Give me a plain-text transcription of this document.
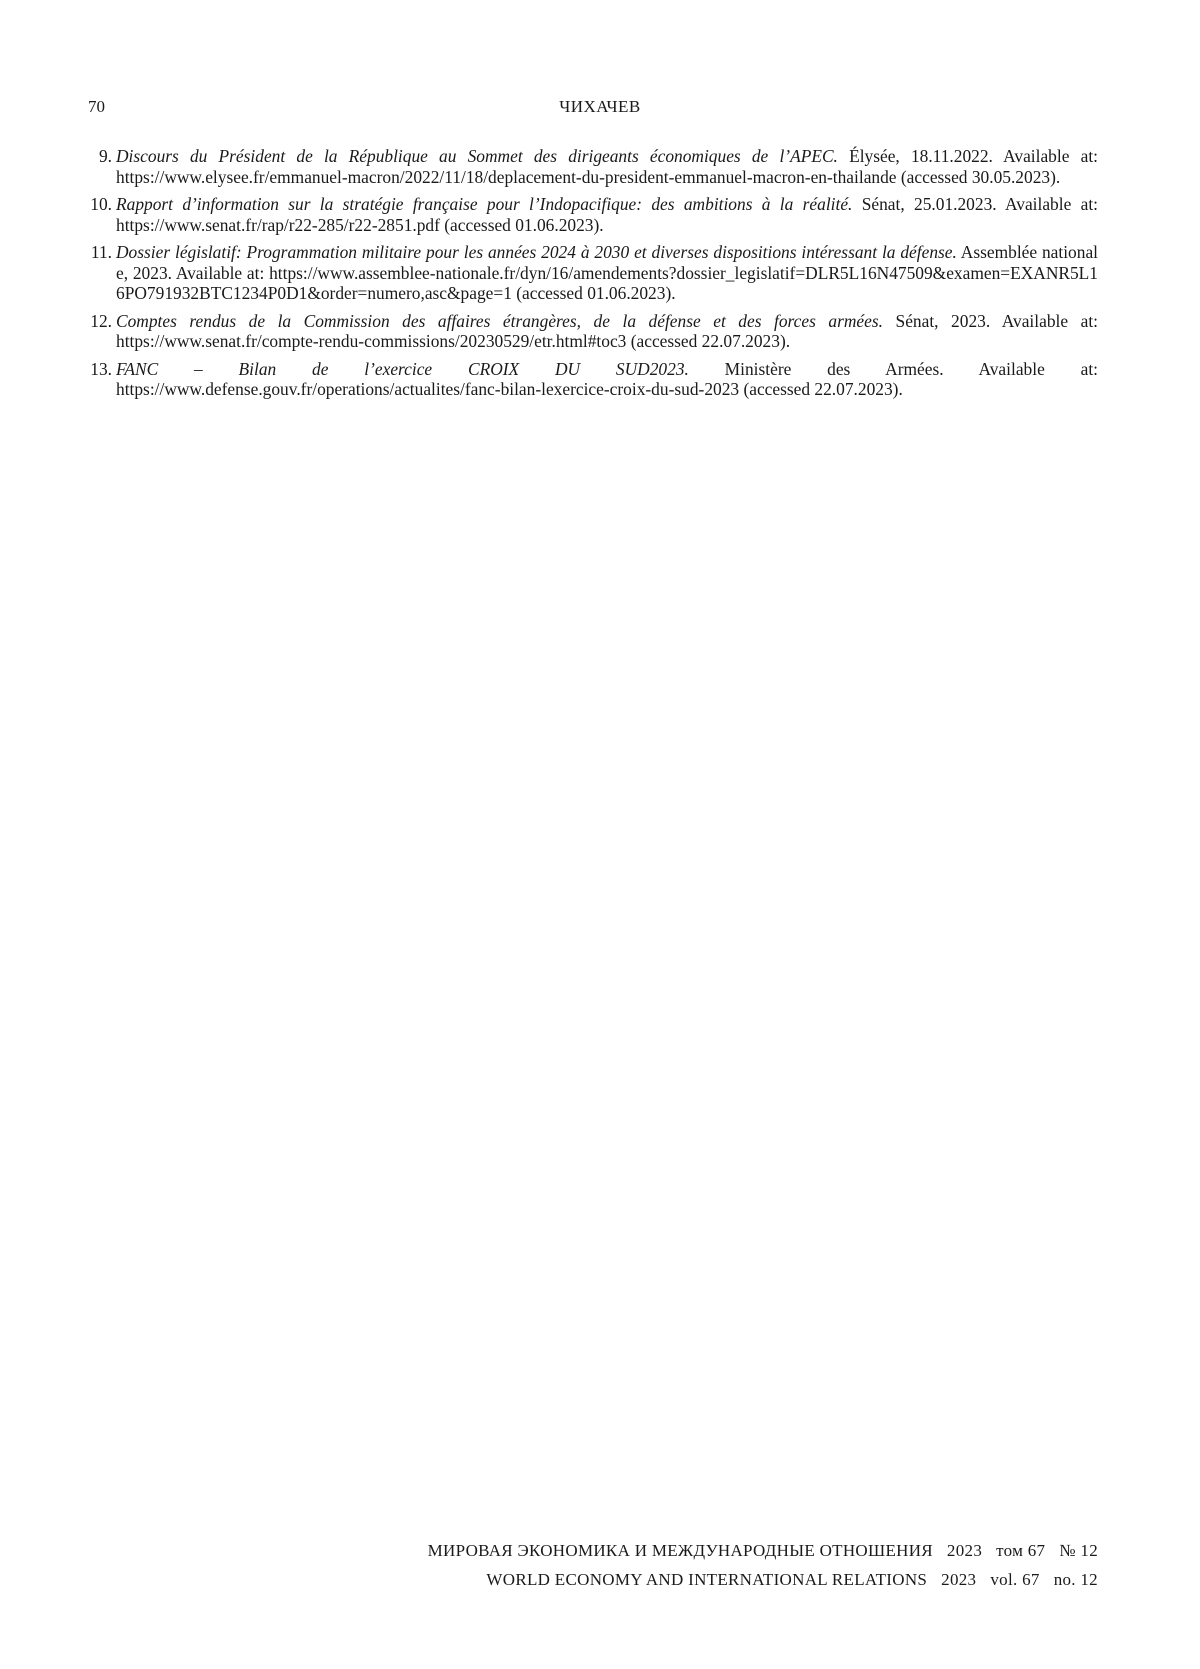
70	ЧИХАЧЕВ
9. Discours du Président de la République au Sommet des dirigeants économiques de l’APEC. Élysée, 18.11.2022. Available at: https://www.elysee.fr/emmanuel-macron/2022/11/18/deplacement-du-president-emmanuel-macron-en-thailande (accessed 30.05.2023).
10. Rapport d’information sur la stratégie française pour l’Indopacifique: des ambitions à la réalité. Sénat, 25.01.2023. Available at: https://www.senat.fr/rap/r22-285/r22-2851.pdf (accessed 01.06.2023).
11. Dossier législatif: Programmation militaire pour les années 2024 à 2030 et diverses dispositions intéressant la défense. Assemblée nationale, 2023. Available at: https://www.assemblee-nationale.fr/dyn/16/amendements?dossier_legislatif=DLR5L16N47509&examen=EXANR5L16PO791932BTC1234P0D1&order=numero,asc&page=1 (accessed 01.06.2023).
12. Comptes rendus de la Commission des affaires étrangères, de la défense et des forces armées. Sénat, 2023. Available at: https://www.senat.fr/compte-rendu-commissions/20230529/etr.html#toc3 (accessed 22.07.2023).
13. FANC – Bilan de l’exercice CROIX DU SUD2023. Ministère des Armées. Available at: https://www.defense.gouv.fr/operations/actualites/fanc-bilan-lexercice-croix-du-sud-2023 (accessed 22.07.2023).
МИРОВАЯ ЭКОНОМИКА И МЕЖДУНАРОДНЫЕ ОТНОШЕНИЯ 2023 том 67 № 12
WORLD ECONOMY AND INTERNATIONAL RELATIONS 2023 vol. 67 no. 12
